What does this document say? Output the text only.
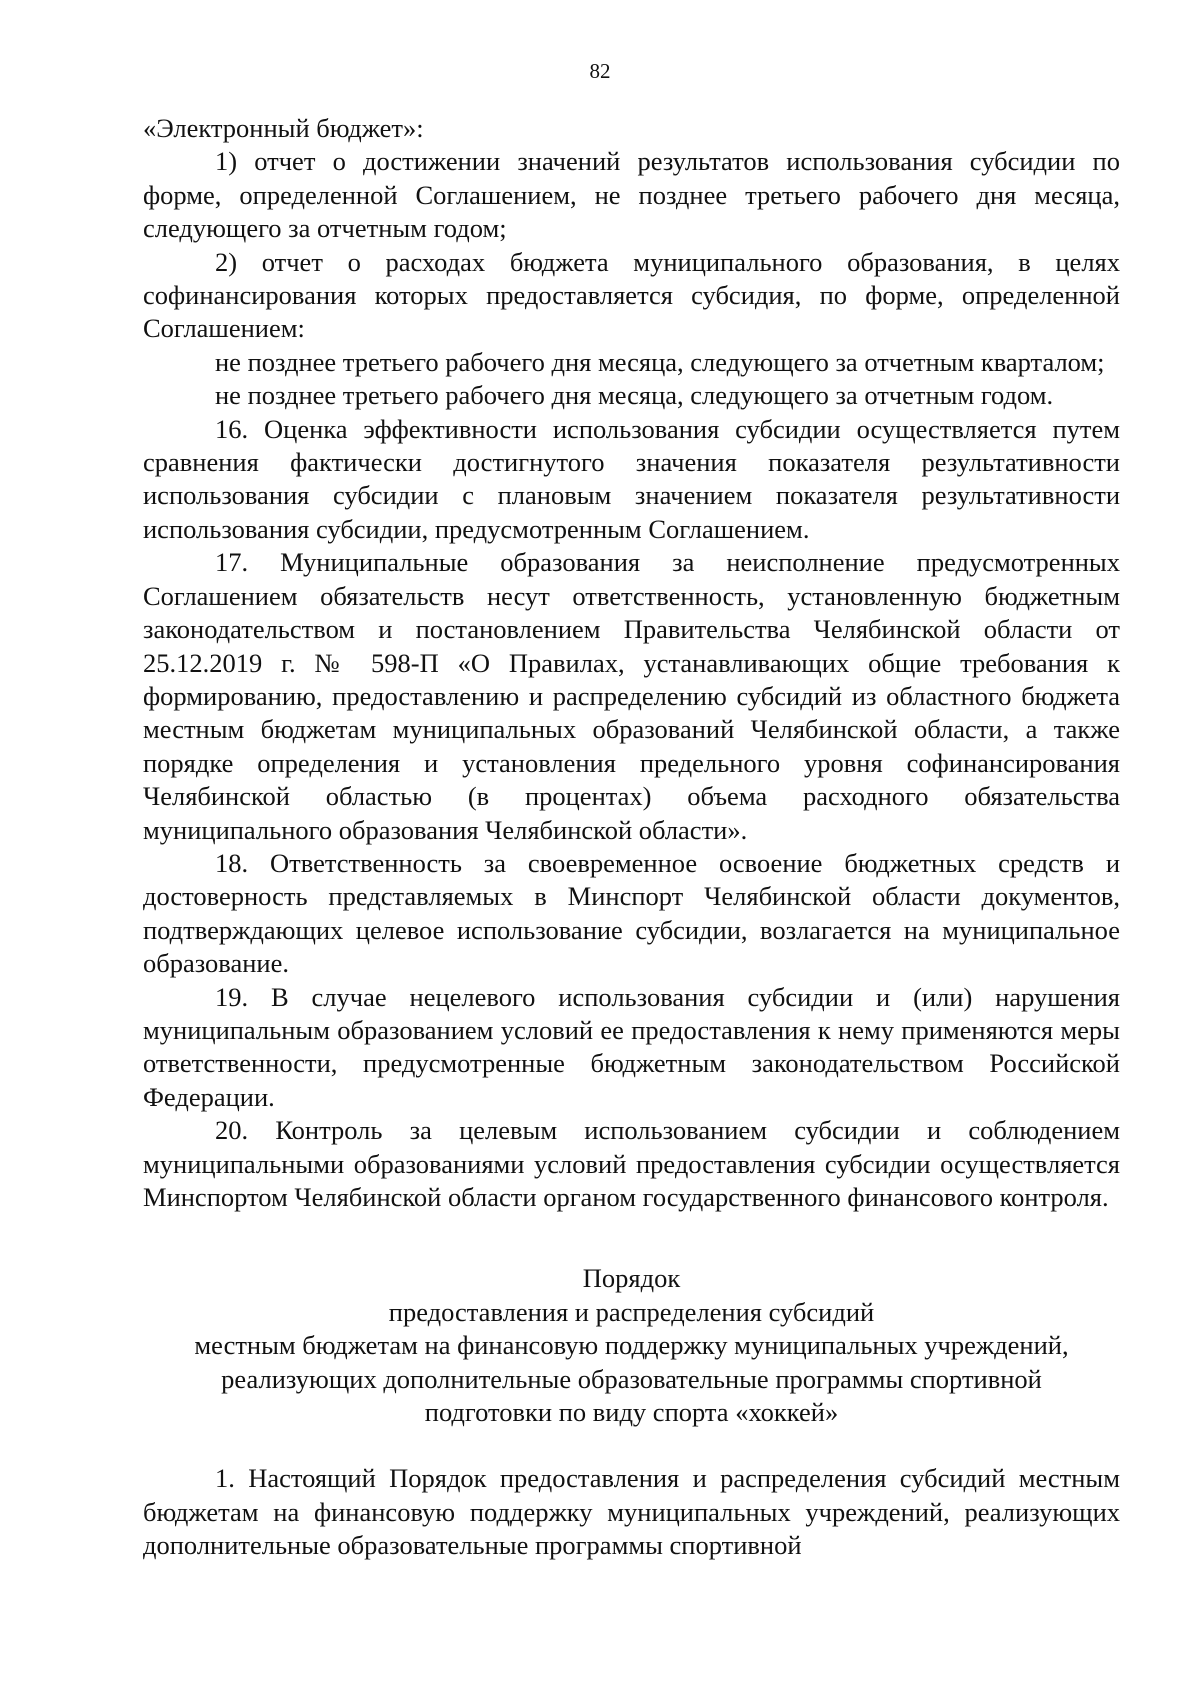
82

«Электронный бюджет»:

1) отчет о достижении значений результатов использования субсидии по форме, определенной Соглашением, не позднее третьего рабочего дня месяца, следующего за отчетным годом;

2) отчет о расходах бюджета муниципального образования, в целях софинансирования которых предоставляется субсидия, по форме, определенной Соглашением:

не позднее третьего рабочего дня месяца, следующего за отчетным кварталом;

не позднее третьего рабочего дня месяца, следующего за отчетным годом.

16. Оценка эффективности использования субсидии осуществляется путем сравнения фактически достигнутого значения показателя результативности использования субсидии с плановым значением показателя результативности использования субсидии, предусмотренным Соглашением.

17. Муниципальные образования за неисполнение предусмотренных Соглашением обязательств несут ответственность, установленную бюджетным законодательством и постановлением Правительства Челябинской области от 25.12.2019 г. № 598-П «О Правилах, устанавливающих общие требования к формированию, предоставлению и распределению субсидий из областного бюджета местным бюджетам муниципальных образований Челябинской области, а также порядке определения и установления предельного уровня софинансирования Челябинской областью (в процентах) объема расходного обязательства муниципального образования Челябинской области».

18. Ответственность за своевременное освоение бюджетных средств и достоверность представляемых в Минспорт Челябинской области документов, подтверждающих целевое использование субсидии, возлагается на муниципальное образование.

19. В случае нецелевого использования субсидии и (или) нарушения муниципальным образованием условий ее предоставления к нему применяются меры ответственности, предусмотренные бюджетным законодательством Российской Федерации.

20. Контроль за целевым использованием субсидии и соблюдением муниципальными образованиями условий предоставления субсидии осуществляется Минспортом Челябинской области органом государственного финансового контроля.

Порядок
предоставления и распределения субсидий
местным бюджетам на финансовую поддержку муниципальных учреждений,
реализующих дополнительные образовательные программы спортивной
подготовки по виду спорта «хоккей»

1. Настоящий Порядок предоставления и распределения субсидий местным бюджетам на финансовую поддержку муниципальных учреждений, реализующих дополнительные образовательные программы спортивной
